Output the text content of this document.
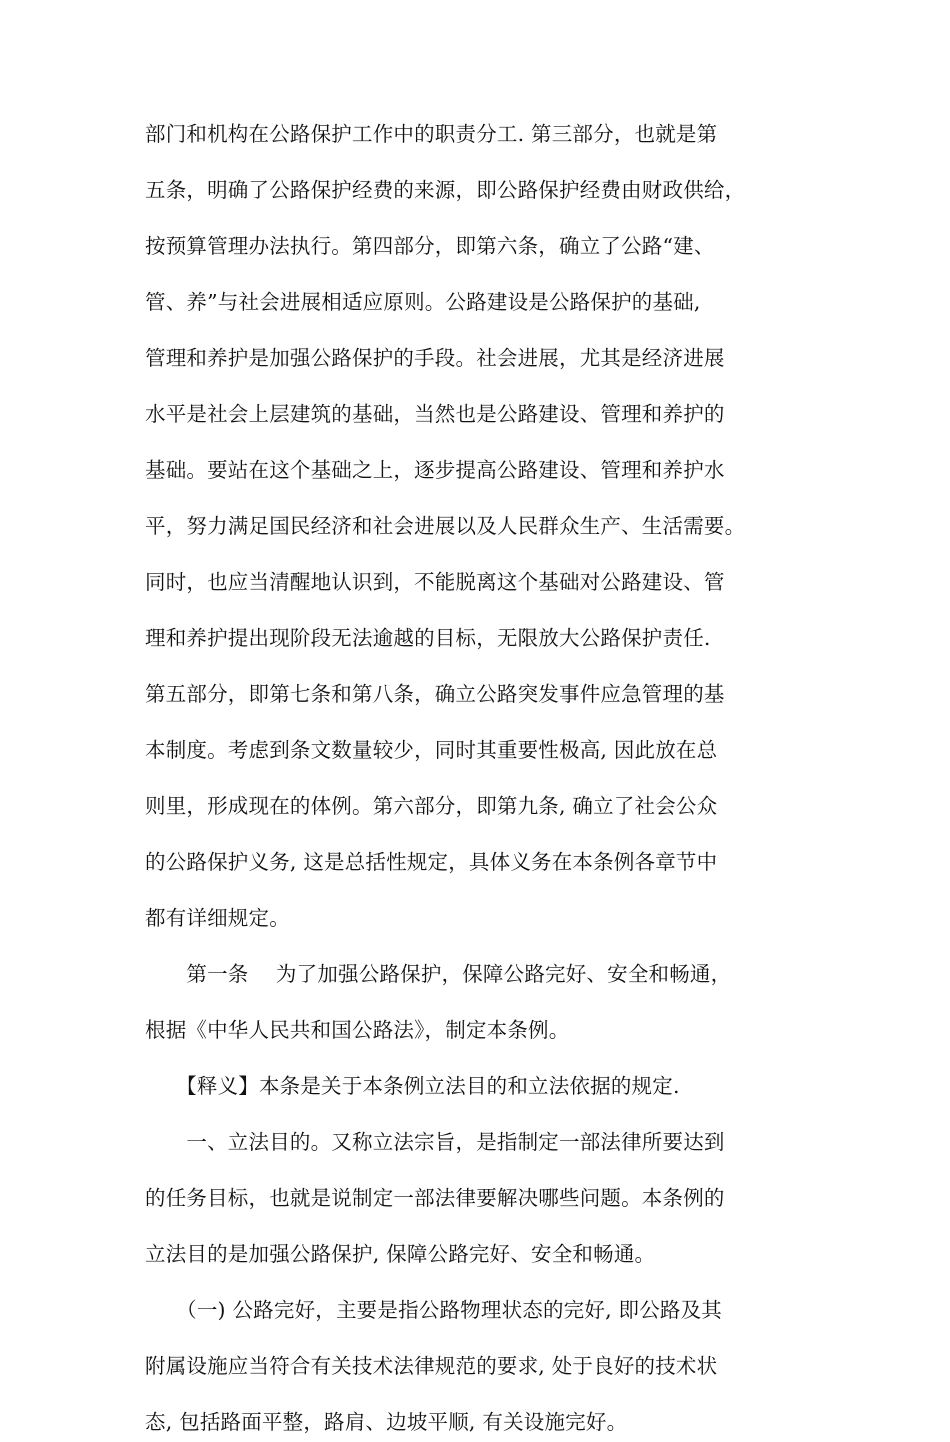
部门和机构在公路保护工作中的职责分工. 第三部分，也就是第
五条，明确了公路保护经费的来源，即公路保护经费由财政供给，
按预算管理办法执行。第四部分，即第六条，确立了公路“建、
管、养”与社会进展相适应原则。公路建设是公路保护的基础,
管理和养护是加强公路保护的手段。社会进展，尤其是经济进展
水平是社会上层建筑的基础，当然也是公路建设、管理和养护的
基础。要站在这个基础之上，逐步提高公路建设、管理和养护水
平，努力满足国民经济和社会进展以及人民群众生产、生活需要。
同时，也应当清醒地认识到，不能脱离这个基础对公路建设、管
理和养护提出现阶段无法逾越的目标，无限放大公路保护责任.
第五部分，即第七条和第八条，确立公路突发事件应急管理的基
本制度。考虑到条文数量较少，同时其重要性极高, 因此放在总
则里，形成现在的体例。第六部分，即第九条, 确立了社会公众
的公路保护义务, 这是总括性规定，具体义务在本条例各章节中
都有详细规定。
　　第一条　 为了加强公路保护，保障公路完好、安全和畅通，
根据《中华人民共和国公路法》，制定本条例。
　　【释义】本条是关于本条例立法目的和立法依据的规定.
　　一、立法目的。又称立法宗旨，是指制定一部法律所要达到
的任务目标，也就是说制定一部法律要解决哪些问题。本条例的
立法目的是加强公路保护, 保障公路完好、安全和畅通。
　　（一) 公路完好，主要是指公路物理状态的完好, 即公路及其
附属设施应当符合有关技术法律规范的要求, 处于良好的技术状
态, 包括路面平整，路肩、边坡平顺, 有关设施完好。
